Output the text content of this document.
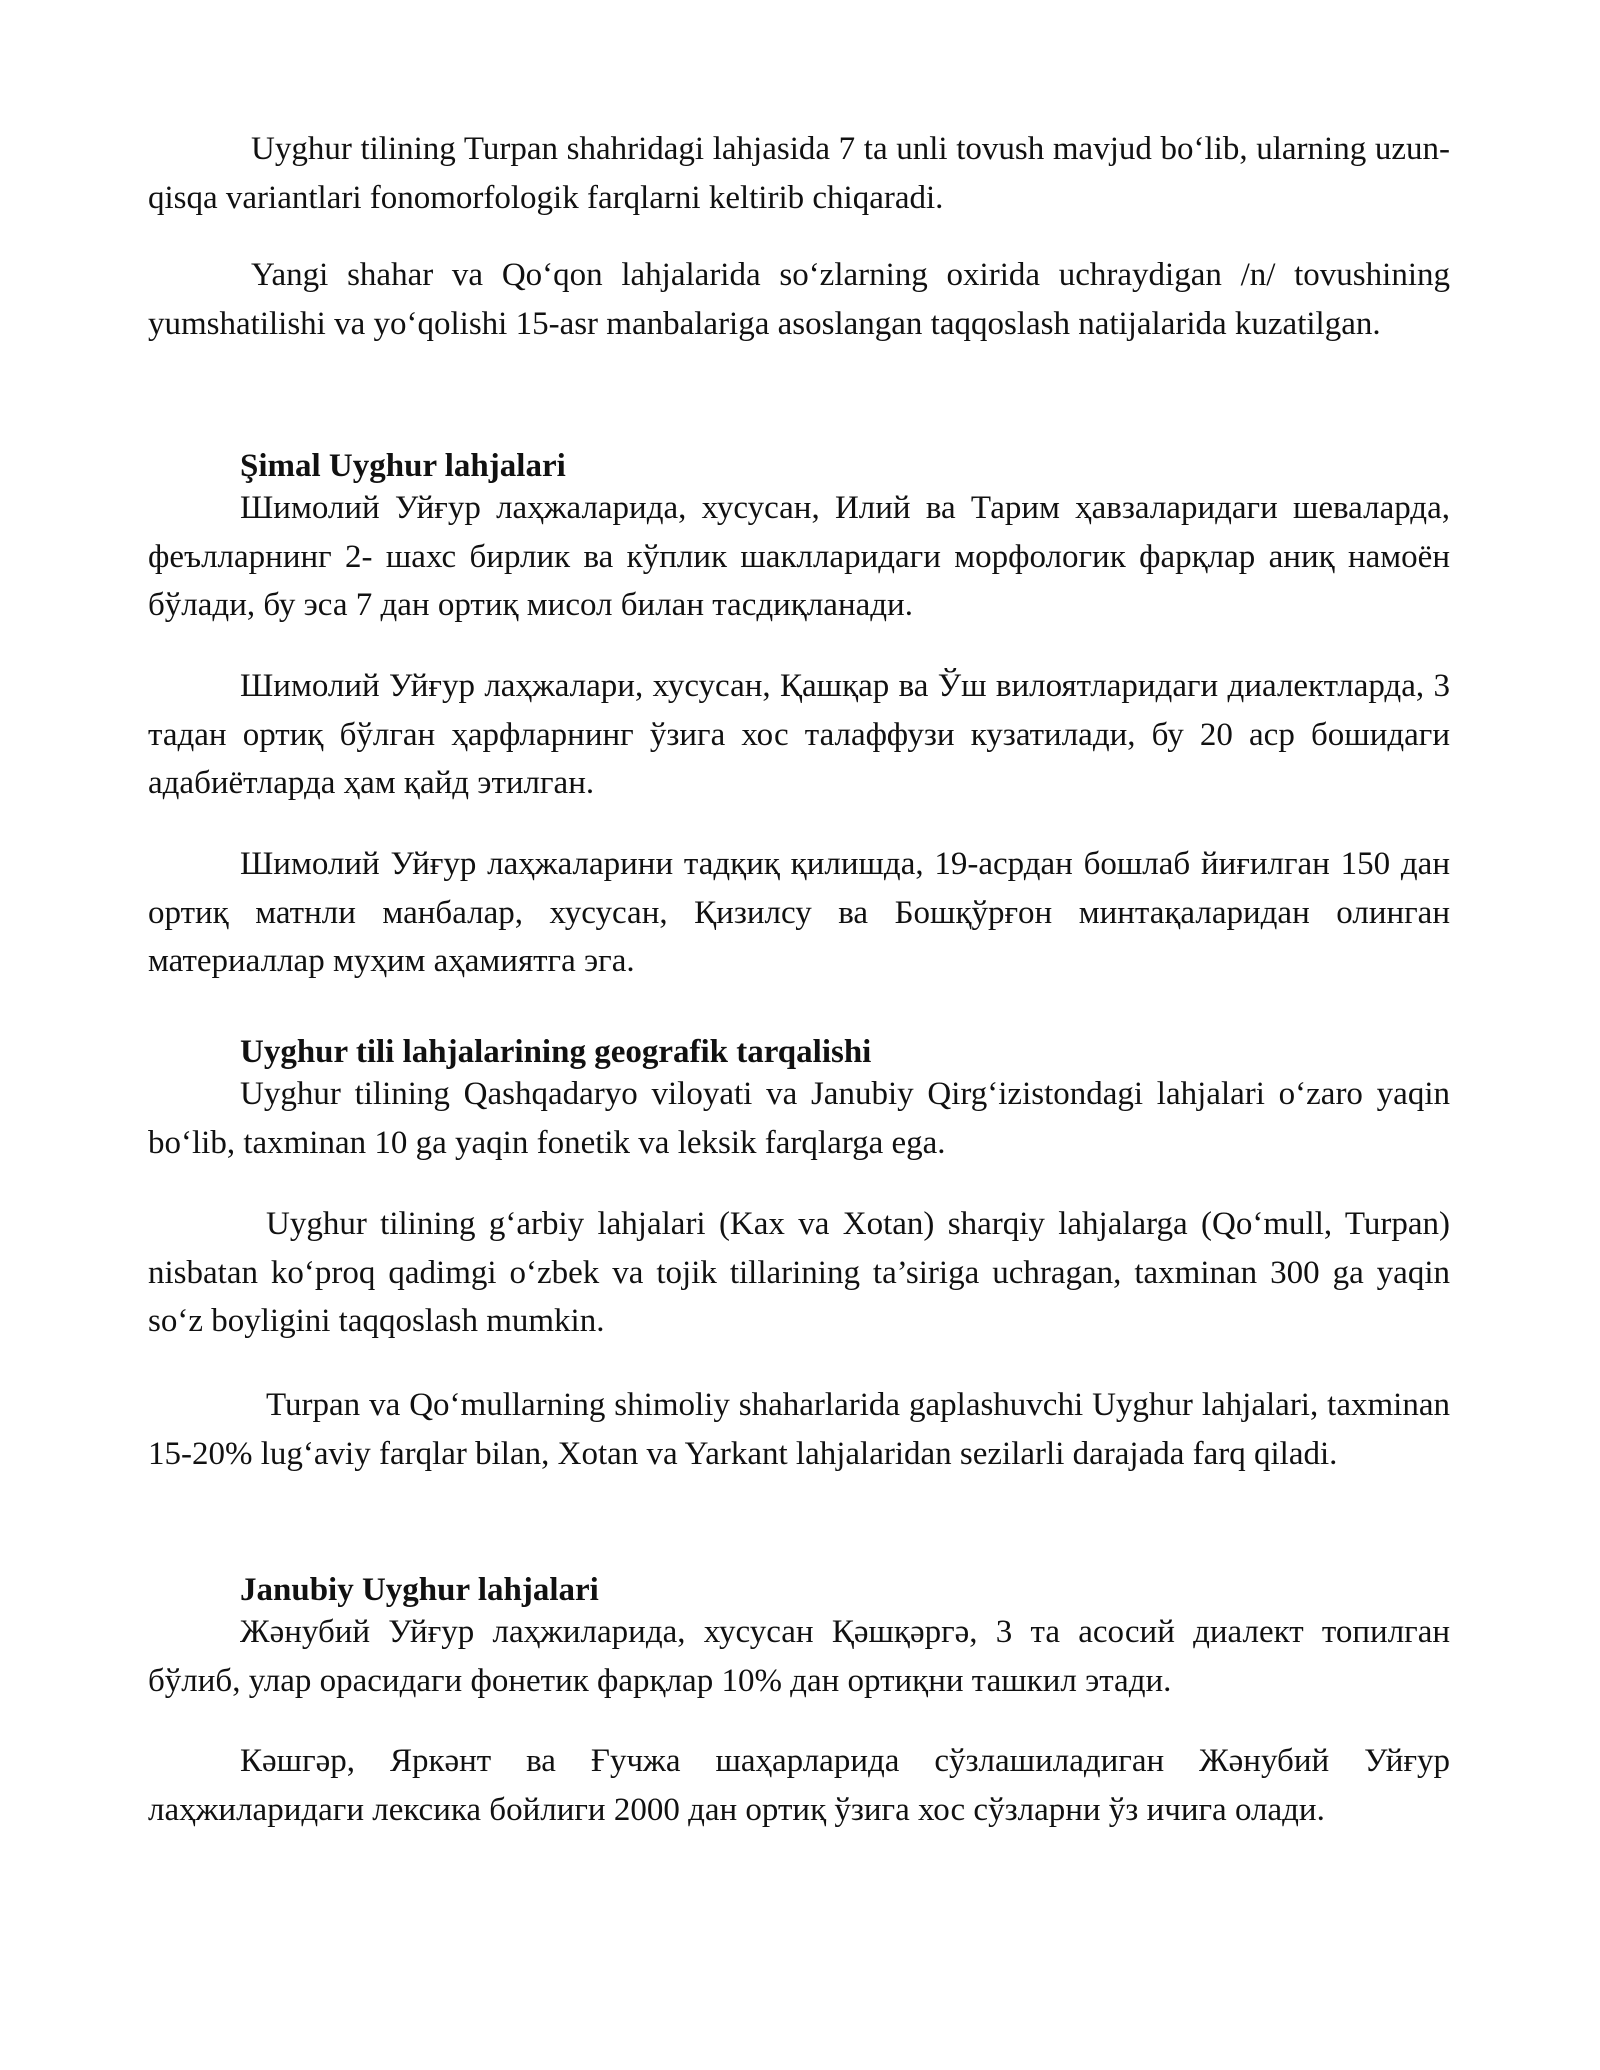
Uyghur tilining Turpan shahridagi lahjasida 7 ta unli tovush mavjud bo‘lib, ularning uzun-qisqa variantlari fonomorfologik farqlarni keltirib chiqaradi.

Yangi shahar va Qo‘qon lahjalarida so‘zlarning oxirida uchraydigan /n/ tovushining yumshatilishi va yo‘qolishi 15-asr manbalariga asoslangan taqqoslash natijalarida kuzatilgan.

Şimal Uyghur lahjalari

Шимолий Уйғур лаҳжаларида, хусусан, Илий ва Тарим ҳавзаларидаги шеваларда, феълларнинг 2- шахс бирлик ва кўплик шаклларидаги морфологик фарқлар аниқ намоён бўлади, бу эса 7 дан ортиқ мисол билан тасдиқланади.

Шимолий Уйғур лаҳжалари, хусусан, Қашқар ва Ўш вилоятларидаги диалектларда, 3 тадан ортиқ бўлган ҳарфларнинг ўзига хос талаффузи кузатилади, бу 20 аср бошидаги адабиётларда ҳам қайд этилган.

Шимолий Уйғур лаҳжаларини тадқиқ қилишда, 19-асрдан бошлаб йиғилган 150 дан ортиқ матнли манбалар, хусусан, Қизилсу ва Бошқўрғон минтақаларидан олинган материаллар муҳим аҳамиятга эга.

Uyghur tili lahjalarining geografik tarqalishi

Uyghur tilining Qashqadaryo viloyati va Janubiy Qirg‘izistondagi lahjalari o‘zaro yaqin bo‘lib, taxminan 10 ga yaqin fonetik va leksik farqlarga ega.

Uyghur tilining g‘arbiy lahjalari (Kax va Xotan) sharqiy lahjalarga (Qo‘mull, Turpan) nisbatan ko‘proq qadimgi o‘zbek va tojik tillarining ta’siriga uchragan, taxminan 300 ga yaqin so‘z boyligini taqqoslash mumkin.

Turpan va Qo‘mullarning shimoliy shaharlarida gaplashuvchi Uyghur lahjalari, taxminan 15-20% lug‘aviy farqlar bilan, Xotan va Yarkant lahjalaridan sezilarli darajada farq qiladi.

Janubiy Uyghur lahjalari

Жәнубий Уйғур лаҳжиларида, хусусан Қәшқәргә, 3 та асосий диалект топилган бўлиб, улар орасидаги фонетик фарқлар 10% дан ортиқни ташкил этади.

Кәшгәр, Яркәнт ва Ғучжа шаҳарларида сўзлашиладиган Жәнубий Уйғур лаҳжиларидаги лексика бойлиги 2000 дан ортиқ ўзига хос сўзларни ўз ичига олади.
